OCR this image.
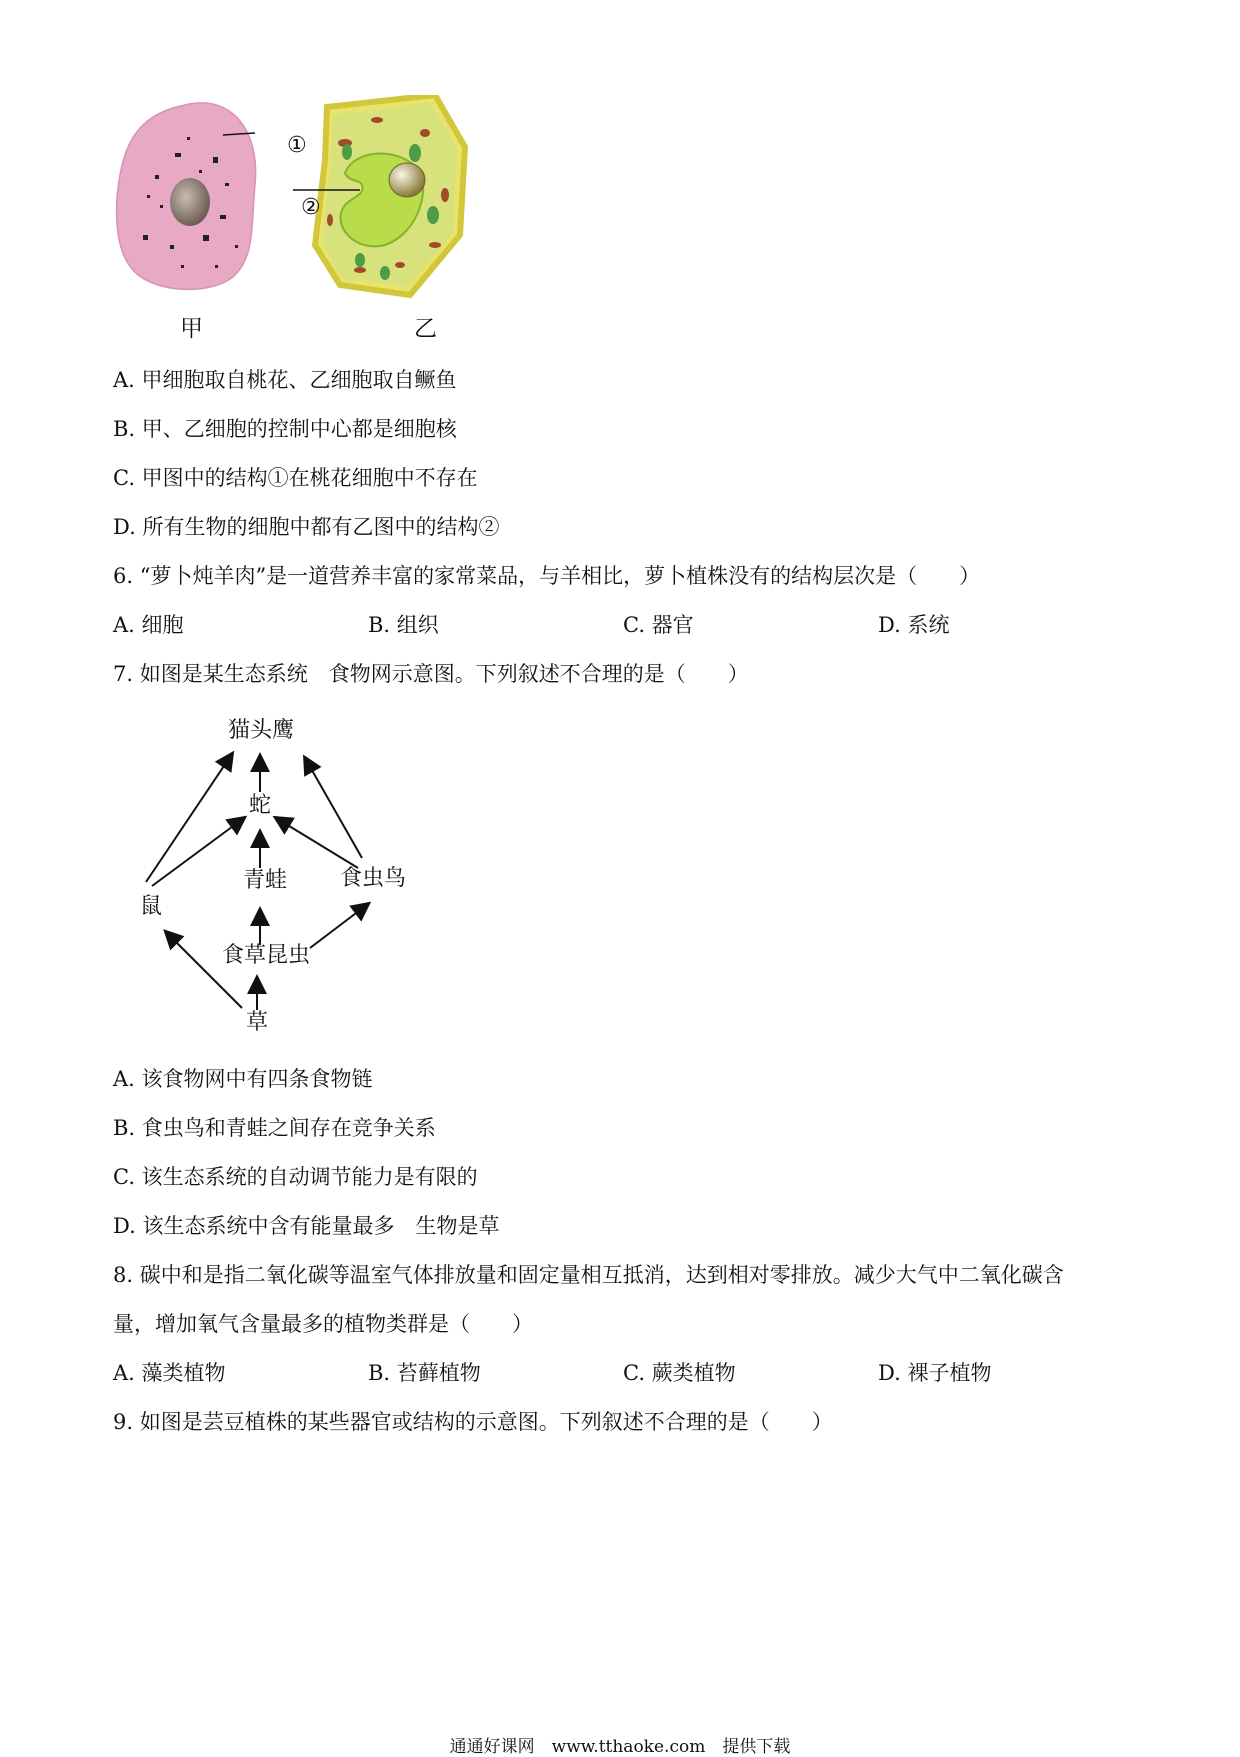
甲	乙
①
②
A. 甲细胞取自桃花、乙细胞取自鳜鱼
B. 甲、乙细胞的控制中心都是细胞核
C. 甲图中的结构①在桃花细胞中不存在
D. 所有生物的细胞中都有乙图中的结构②
6. “萝卜炖羊肉”是一道营养丰富的家常菜品，与羊相比，萝卜植株没有的结构层次是（　　）
A. 细胞	B. 组织	C. 器官	D. 系统
7. 如图是某生态系统　食物网示意图。下列叙述不合理的是（　　）
猫头鹰
蛇
青蛙 食虫鸟
鼠
食草昆虫
草
A. 该食物网中有四条食物链
B. 食虫鸟和青蛙之间存在竞争关系
C. 该生态系统的自动调节能力是有限的
D. 该生态系统中含有能量最多　生物是草
8. 碳中和是指二氧化碳等温室气体排放量和固定量相互抵消，达到相对零排放。减少大气中二氧化碳含
量，增加氧气含量最多的植物类群是（　　）
A. 藻类植物	B. 苔藓植物	C. 蕨类植物	D. 裸子植物
9. 如图是芸豆植株的某些器官或结构的示意图。下列叙述不合理的是（　　）
通通好课网　www.tthaoke.com　提供下载
